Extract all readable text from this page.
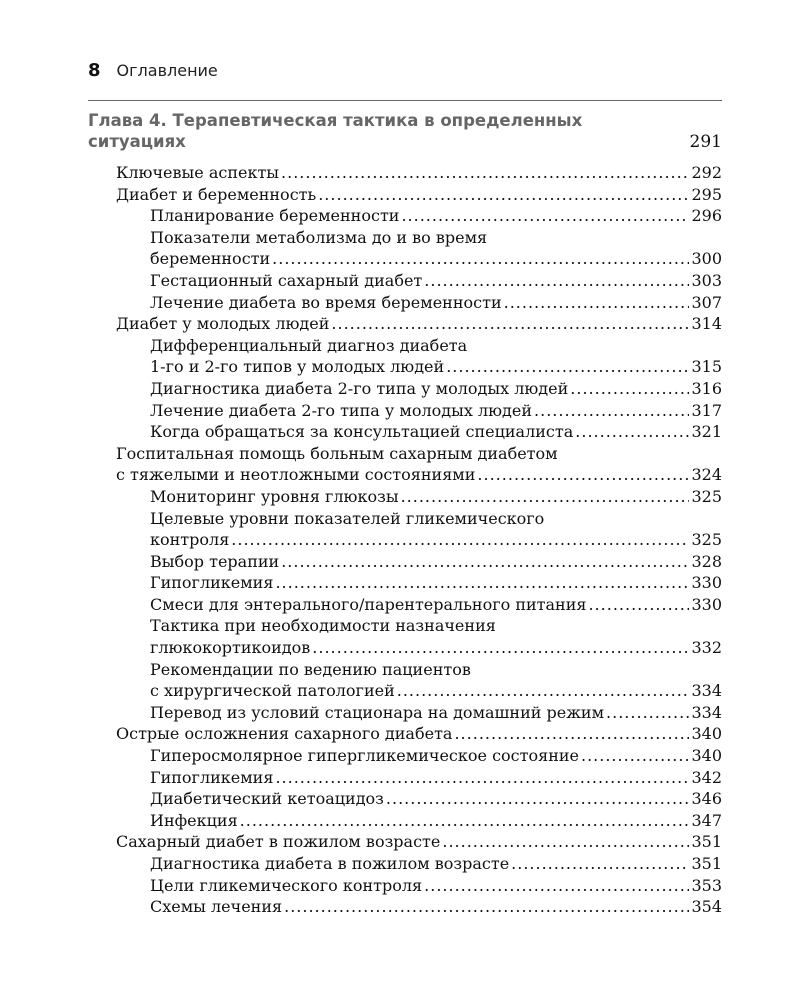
8 Оглавление
Глава 4. Терапевтическая тактика в определенных
ситуациях	291
Ключевые аспекты .....	292
Диабет и беременность .....	295
Планирование беременности .....	296
Показатели метаболизма до и во время
беременности .....	300
Гестационный сахарный диабет .....	303
Лечение диабета во время беременности .....	307
Диабет у молодых людей .....	314
Дифференциальный диагноз диабета
1-го и 2-го типов у молодых людей .....	315
Диагностика диабета 2-го типа у молодых людей .....	316
Лечение диабета 2-го типа у молодых людей .....	317
Когда обращаться за консультацией специалиста .....	321
Госпитальная помощь больным сахарным диабетом
с тяжелыми и неотложными состояниями .....	324
Мониторинг уровня глюкозы .....	325
Целевые уровни показателей гликемического
контроля .....	325
Выбор терапии .....	328
Гипогликемия .....	330
Смеси для энтерального/парентерального питания .....	330
Тактика при необходимости назначения
глюкокортикоидов .....	332
Рекомендации по ведению пациентов
с хирургической патологией .....	334
Перевод из условий стационара на домашний режим .....	334
Острые осложнения сахарного диабета .....	340
Гиперосмолярное гипергликемическое состояние .....	340
Гипогликемия .....	342
Диабетический кетоацидоз .....	346
Инфекция .....	347
Сахарный диабет в пожилом возрасте .....	351
Диагностика диабета в пожилом возрасте .....	351
Цели гликемического контроля .....	353
Схемы лечения .....	354
